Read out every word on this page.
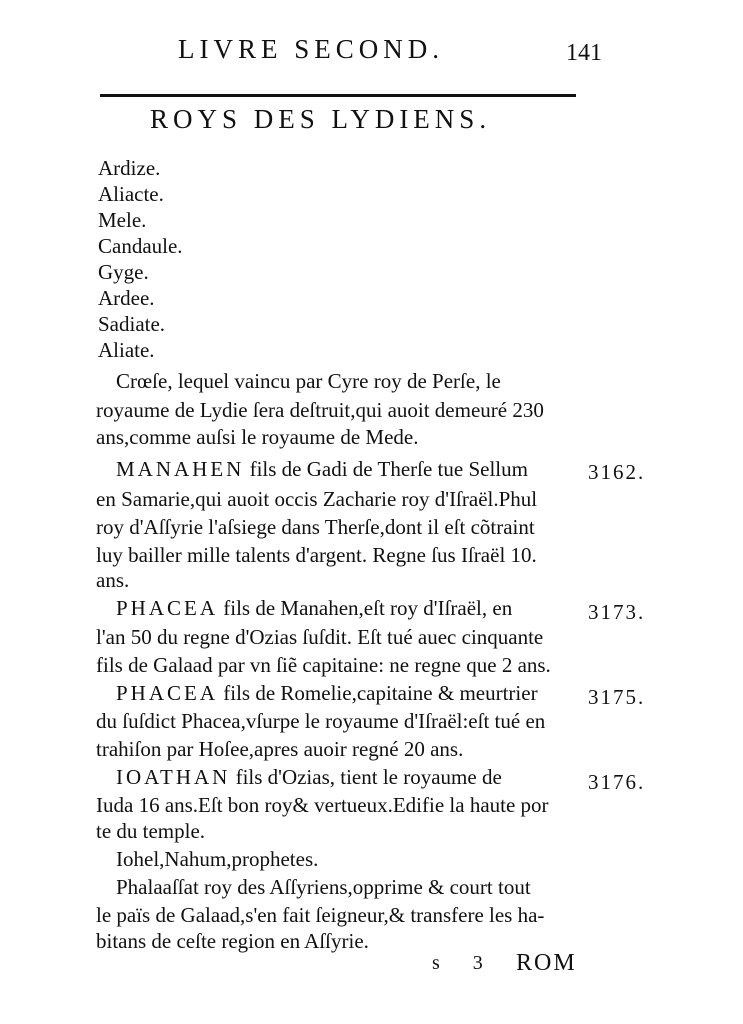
LIVRE SECOND.	141
ROYS DES LYDIENS.
Ardize.
Aliacte.
Mele.
Candaule.
Gyge.
Ardee.
Sadiate.
Aliate.
Crœſe, lequel vaincu par Cyre roy de Perſe, le
royaume de Lydie ſera deſtruit,qui auoit demeuré 230
ans,comme auſsi le royaume de Mede.
MANAHEN fils de Gadi de Therſe tue Sellum	3162.
en Samarie,qui auoit occis Zacharie roy d'Iſraël.Phul
roy d'Aſſyrie l'aſsiege dans Therſe,dont il eſt cõtraint
luy bailler mille talents d'argent. Regne ſus Iſraël 10.
ans.
PHACEA fils de Manahen,eſt roy d'Iſraël, en	3173.
l'an 50 du regne d'Ozias ſuſdit. Eſt tué auec cinquante
fils de Galaad par vn ſiẽ capitaine: ne regne que 2 ans.
PHACEA fils de Romelie,capitaine & meurtrier 3175.
du ſuſdict Phacea,vſurpe le royaume d'Iſraël:eſt tué en
trahiſon par Hoſee,apres auoir regné 20 ans.
IOATHAN fils d'Ozias, tient le royaume de	3176.
Iuda 16 ans.Eſt bon roy& vertueux.Edifie la haute por
te du temple.
Iohel,Nahum,prophetes.
Phalaaſſat roy des Aſſyriens,opprime & court tout
le païs de Galaad,s'en fait ſeigneur,& transfere les ha-
bitans de ceſte region en Aſſyrie.
s 3 ROM
